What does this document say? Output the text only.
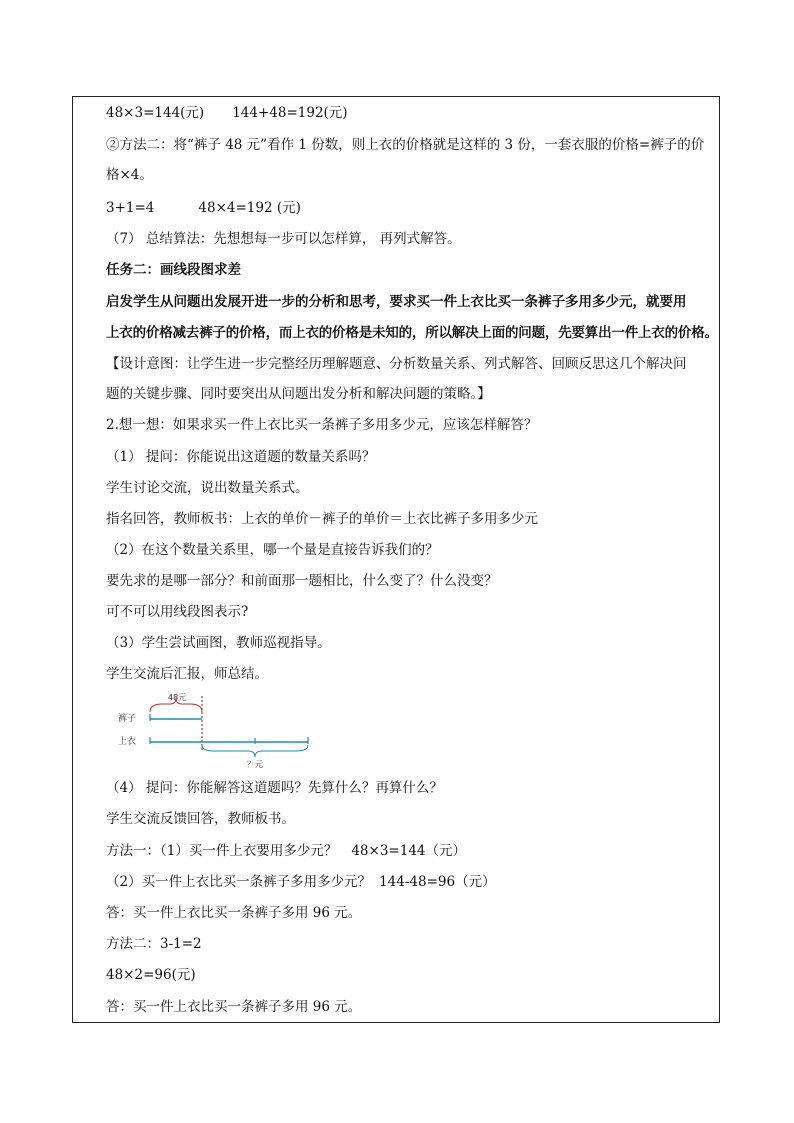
48×3=144(元) 144+48=192(元)
②方法二：将“裤子 48 元”看作 1 份数，则上衣的价格就是这样的 3 份，一套衣服的价格=裤子的价
格×4。
3+1=4	48×4=192 (元)
（7） 总结算法：先想想每一步可以怎样算， 再列式解答。
任务二：画线段图求差
启发学生从问题出发展开进一步的分析和思考，要求买一件上衣比买一条裤子多用多少元，就要用
上衣的价格减去裤子的价格，而上衣的价格是未知的，所以解决上面的问题，先要算出一件上衣的价格。
【设计意图：让学生进一步完整经历理解题意、分析数量关系、列式解答、回顾反思这几个解决问
题的关键步骤、同时要突出从问题出发分析和解决问题的策略。】
2.想一想：如果求买一件上衣比买一条裤子多用多少元，应该怎样解答？
（1） 提问：你能说出这道题的数量关系吗？
学生讨论交流，说出数量关系式。
指名回答，教师板书：上衣的单价－裤子的单价＝上衣比裤子多用多少元
（2）在这个数量关系里，哪一个量是直接告诉我们的？
要先求的是哪一部分？和前面那一题相比，什么变了？什么没变？
可不可以用线段图表示?
（3）学生尝试画图，教师巡视指导。
学生交流后汇报，师总结。
裤子
上衣
48元
？元
（4） 提问：你能解答这道题吗？先算什么？再算什么？
学生交流反馈回答，教师板书。
方法一：（1）买一件上衣要用多少元？ 48×3=144（元）
（2）买一件上衣比买一条裤子多用多少元？ 144-48=96（元）
答：买一件上衣比买一条裤子多用 96 元。
方法二：3-1=2
48×2=96(元)
答：买一件上衣比买一条裤子多用 96 元。
